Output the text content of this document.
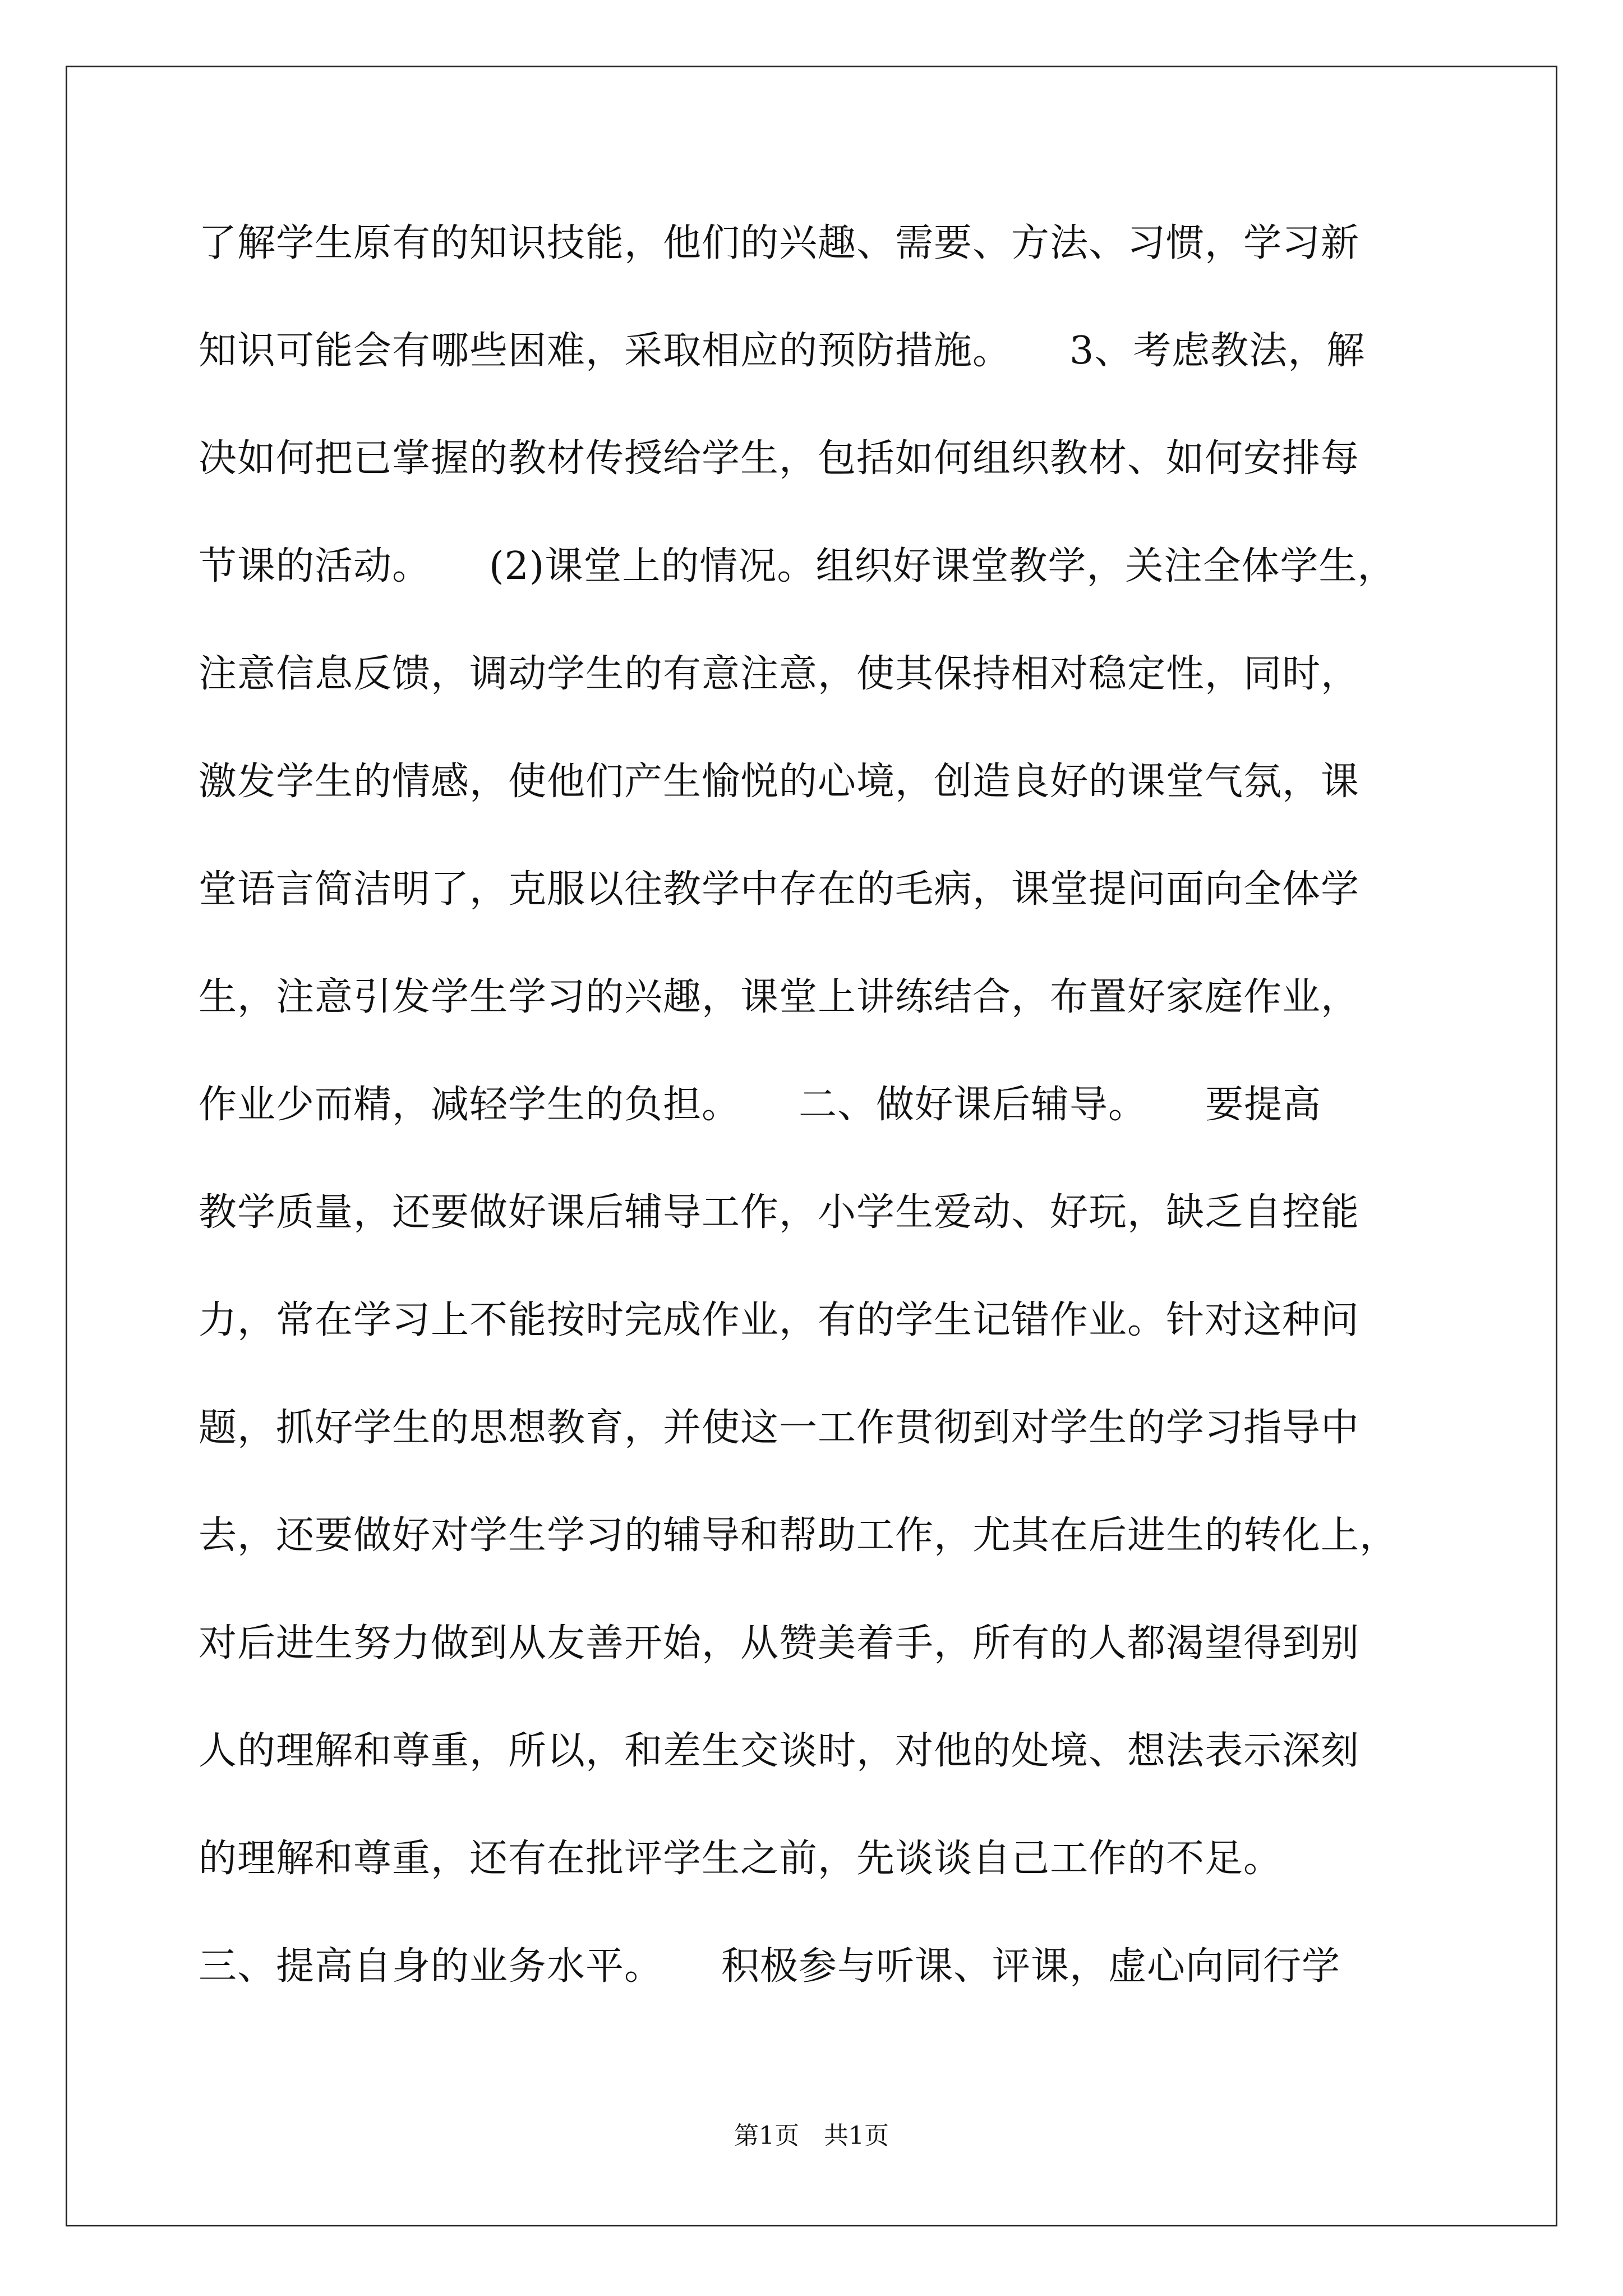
了解学生原有的知识技能，他们的兴趣、需要、方法、习惯，学习新
知识可能会有哪些困难，采取相应的预防措施。　　3、考虑教法，解
决如何把已掌握的教材传授给学生，包括如何组织教材、如何安排每
节课的活动。　　(2)课堂上的情况。组织好课堂教学，关注全体学生，
注意信息反馈，调动学生的有意注意，使其保持相对稳定性，同时，
激发学生的情感，使他们产生愉悦的心境，创造良好的课堂气氛，课
堂语言简洁明了，克服以往教学中存在的毛病，课堂提问面向全体学
生，注意引发学生学习的兴趣，课堂上讲练结合，布置好家庭作业，
作业少而精，减轻学生的负担。　　二、做好课后辅导。　　要提高
教学质量，还要做好课后辅导工作，小学生爱动、好玩，缺乏自控能
力，常在学习上不能按时完成作业，有的学生记错作业。针对这种问
题，抓好学生的思想教育，并使这一工作贯彻到对学生的学习指导中
去，还要做好对学生学习的辅导和帮助工作，尤其在后进生的转化上，
对后进生努力做到从友善开始，从赞美着手，所有的人都渴望得到别
人的理解和尊重，所以，和差生交谈时，对他的处境、想法表示深刻
的理解和尊重，还有在批评学生之前，先谈谈自己工作的不足。
三、提高自身的业务水平。　　积极参与听课、评课，虚心向同行学
第1页　共1页
